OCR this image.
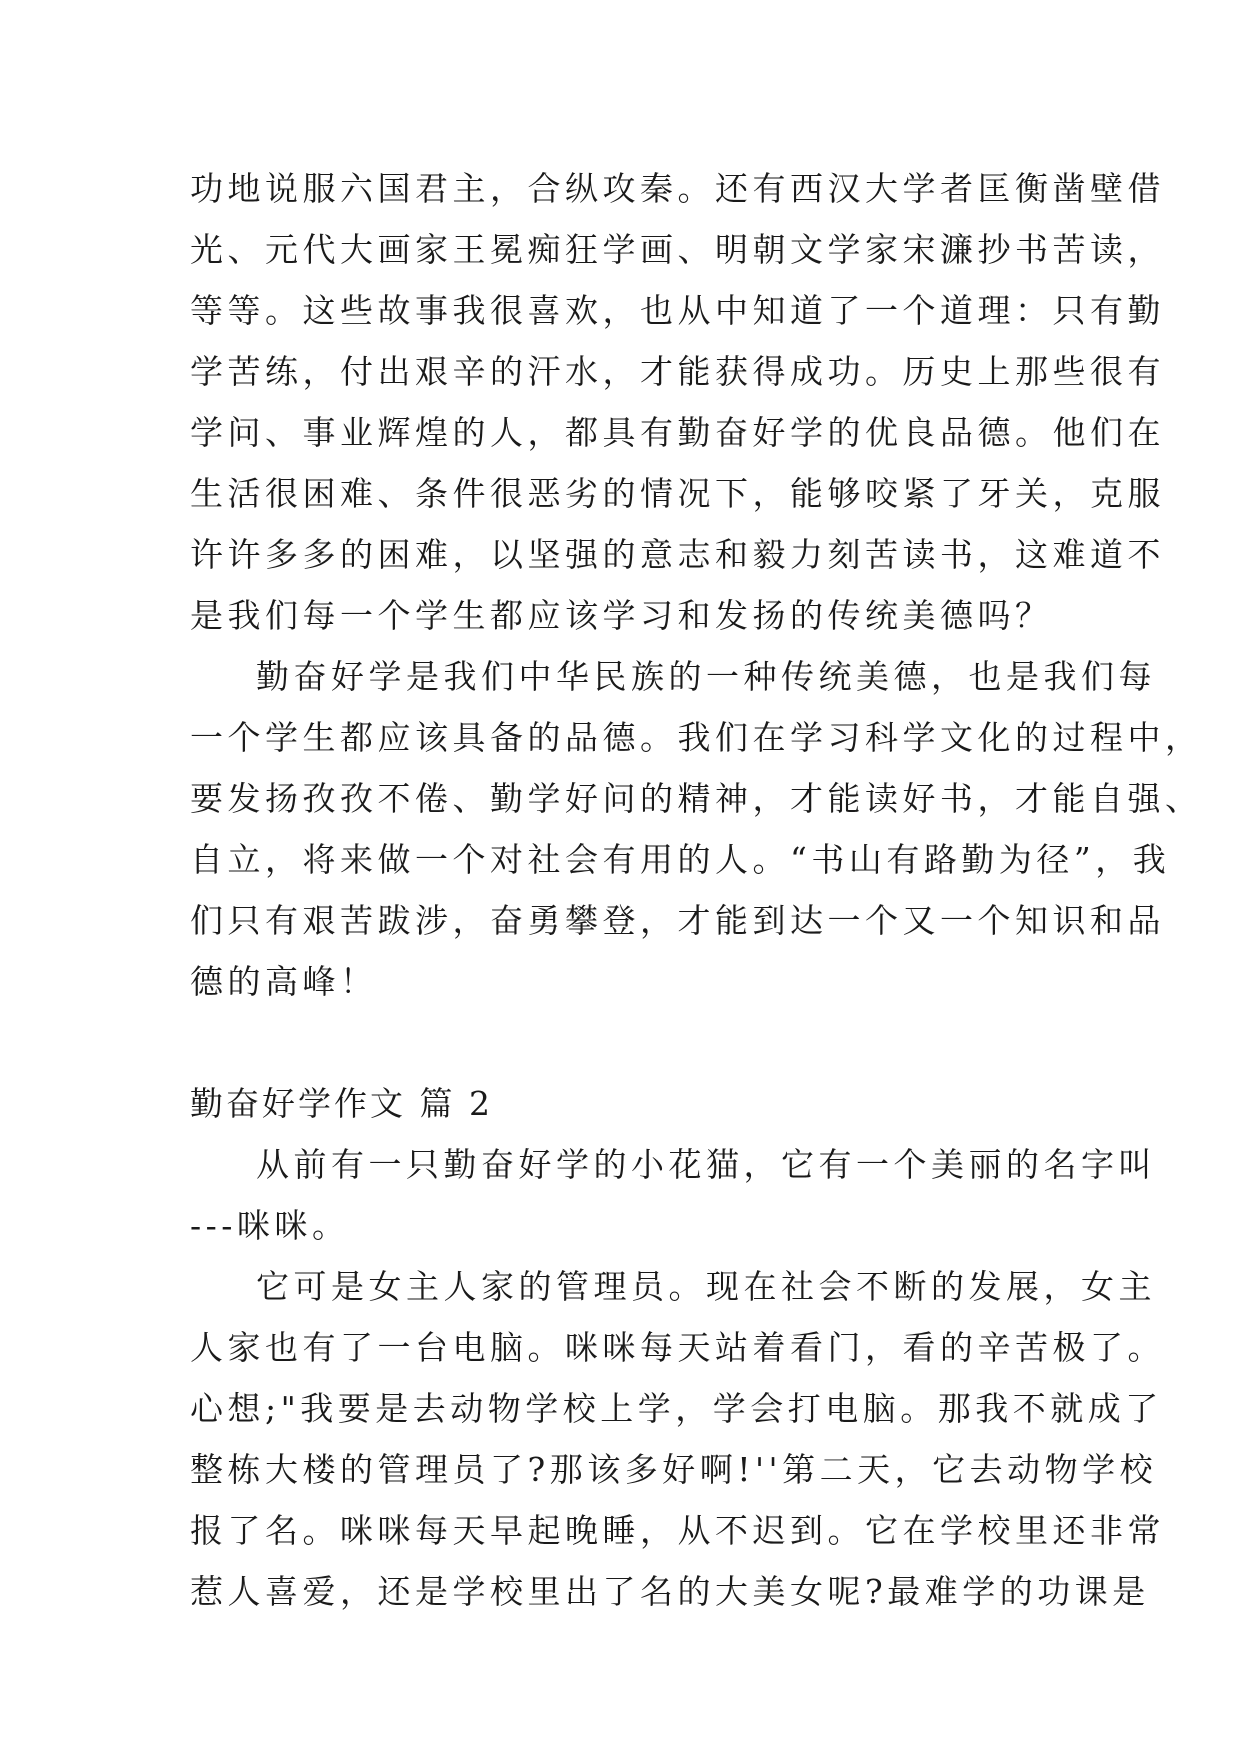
功地说服六国君主，合纵攻秦。还有西汉大学者匡衡凿壁借
光、元代大画家王冕痴狂学画、明朝文学家宋濂抄书苦读，
等等。这些故事我很喜欢，也从中知道了一个道理：只有勤
学苦练，付出艰辛的汗水，才能获得成功。历史上那些很有
学问、事业辉煌的人，都具有勤奋好学的优良品德。他们在
生活很困难、条件很恶劣的情况下，能够咬紧了牙关，克服
许许多多的困难，以坚强的意志和毅力刻苦读书，这难道不
是我们每一个学生都应该学习和发扬的传统美德吗？
勤奋好学是我们中华民族的一种传统美德，也是我们每
一个学生都应该具备的品德。我们在学习科学文化的过程中，
要发扬孜孜不倦、勤学好问的精神，才能读好书，才能自强、
自立，将来做一个对社会有用的人。“书山有路勤为径”，我
们只有艰苦跋涉，奋勇攀登，才能到达一个又一个知识和品
德的高峰！
勤奋好学作文 篇 2
从前有一只勤奋好学的小花猫，它有一个美丽的名字叫
---咪咪。
它可是女主人家的管理员。现在社会不断的发展，女主
人家也有了一台电脑。咪咪每天站着看门，看的辛苦极了。
心想;"我要是去动物学校上学，学会打电脑。那我不就成了
整栋大楼的管理员了?那该多好啊!''第二天，它去动物学校
报了名。咪咪每天早起晚睡，从不迟到。它在学校里还非常
惹人喜爱，还是学校里出了名的大美女呢?最难学的功课是
